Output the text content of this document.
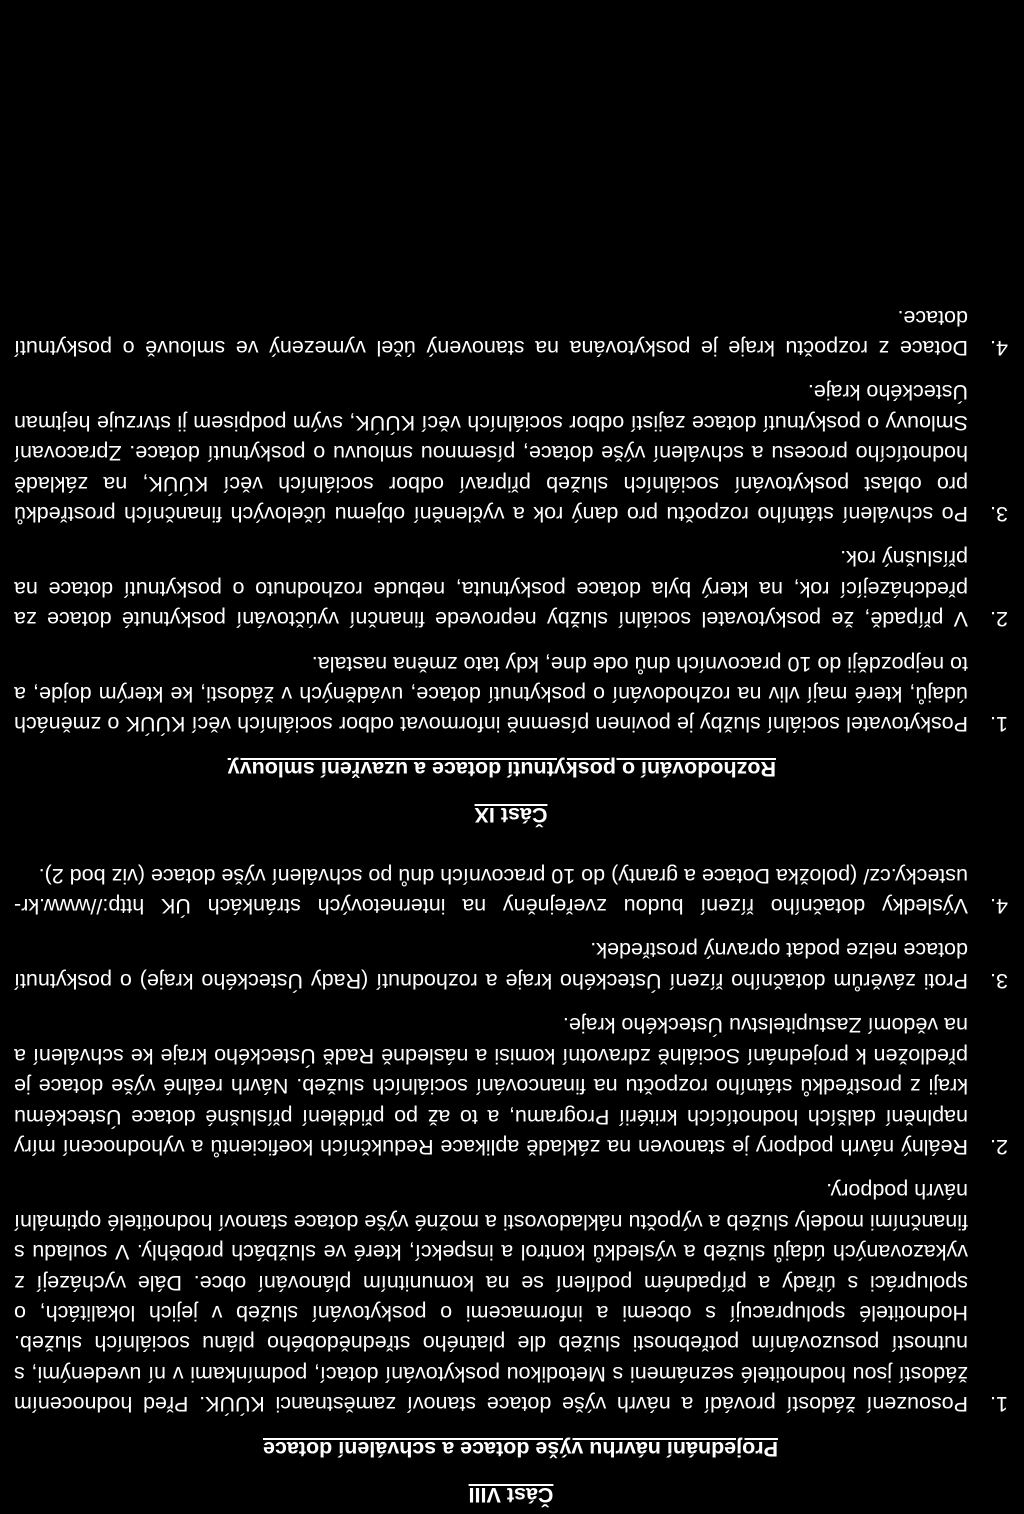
Část VIII

Projednání návrhu výše dotace a schválení dotace

1.
Posouzení žádostí provádí a návrh výše dotace stanoví zaměstnanci KÚÚK. Před hodnocením žádostí jsou hodnotitelé seznámeni s Metodikou poskytování dotací, podmínkami v ní uvedenými, s nutností posuzováním potřebnosti služeb dle platného střednědobého plánu sociálních služeb. Hodnotitelé spolupracují s obcemi a informacemi o poskytování služeb v jejich lokalitách, o spolupráci s úřady a případném podílení se na komunitním plánování obce. Dále vycházejí z vykazovaných údajů služeb a výsledků kontrol a inspekcí, které ve službách proběhly. V souladu s finančními modely služeb a výpočtu nákladovosti a možné výše dotace stanoví hodnotitelé optimální návrh podpory.
2.
Reálný návrh podpory je stanoven na základě aplikace Redukčních koeficientů a vyhodnocení míry naplnění dalších hodnotících kritérií Programu, a to až po přidělení příslušné dotace Ústeckému kraji z prostředků státního rozpočtu na financování sociálních služeb. Návrh reálné výše dotace je předložen k projednání Sociálně zdravotní komisi a následně Radě Ústeckého kraje ke schválení a na vědomí Zastupitelstvu Ústeckého kraje.
3.
Proti závěrům dotačního řízení Ústeckého kraje a rozhodnutí (Rady Ústeckého kraje) o poskytnutí dotace nelze podat opravný prostředek.
4.
Výsledky dotačního řízení budou zveřejněny na internetových stránkách ÚK http://www.kr-ustecky.cz/ (položka Dotace a granty) do 10 pracovních dnů po schválení výše dotace (viz bod 2).

Část IX

Rozhodování o poskytnutí dotace a uzavření smlouvy

1.
Poskytovatel sociální služby je povinen písemně informovat odbor sociálních věcí KÚÚK o změnách údajů, které mají vliv na rozhodování o poskytnutí dotace, uváděných v žádosti, ke kterým dojde, a to nejpozději do 10 pracovních dnů ode dne, kdy tato změna nastala.
2.
V případě, že poskytovatel sociální služby neprovede finanční vyúčtování poskytnuté dotace za předcházející rok, na který byla dotace poskytnuta, nebude rozhodnuto o poskytnutí dotace na příslušný rok.
3.
Po schválení státního rozpočtu pro daný rok a vyčlenění objemu účelových finančních prostředků pro oblast poskytování sociálních služeb připraví odbor sociálních věcí KÚÚK, na základě hodnotícího procesu a schválení výše dotace, písemnou smlouvu o poskytnutí dotace. Zpracovaní Smlouvy o poskytnutí dotace zajistí odbor sociálních věcí KÚÚK, svým podpisem ji stvrzuje hejtman Ústeckého kraje.
4.
Dotace z rozpočtu kraje je poskytována na stanovený účel vymezený ve smlouvě o poskytnutí dotace.
